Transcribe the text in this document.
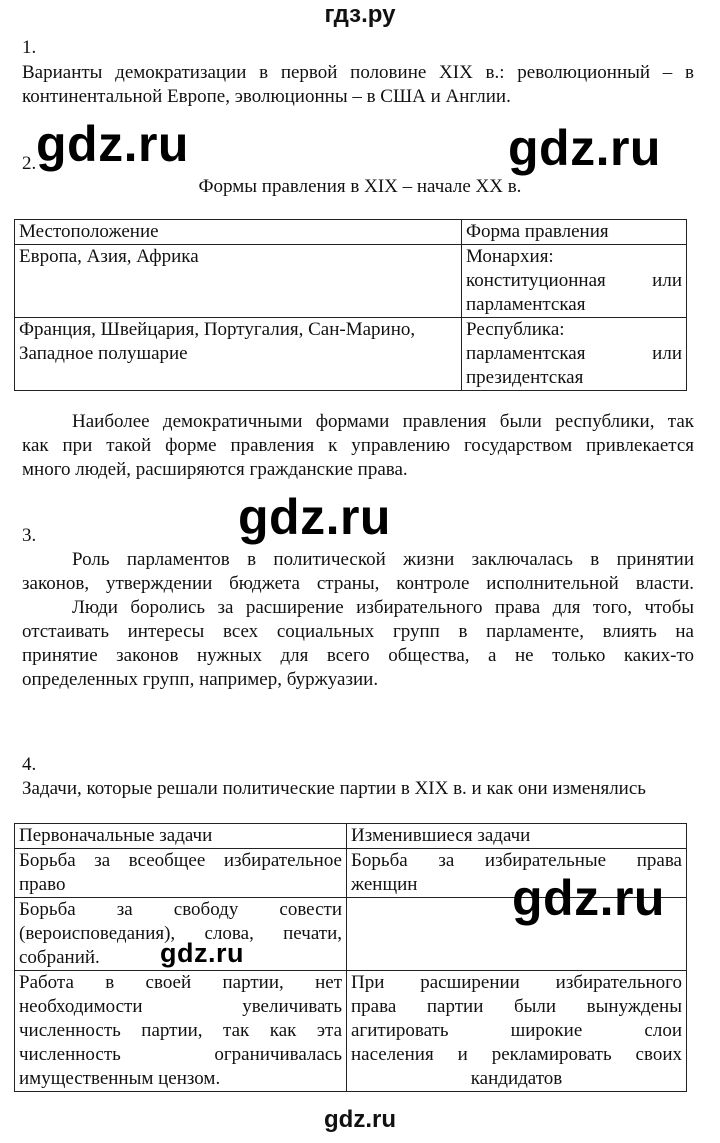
гдз.ру
1.
Варианты демократизации в первой половине XIX в.: революционный – в
континентальной Европе, эволюционны – в США и Англии.
gdz.ru	gdz.ru
2.
Формы правления в XIX – начале XX в.
Местоположение	Форма правления
Европа, Азия, Африка	Монархия:
конституционная или
парламентская

Франция, Швейцария, Португалия, Сан-Марино,
Западное полушарие	Республика:
парламентская или
президентская
Наиболее демократичными формами правления были республики, так
как при такой форме правления к управлению государством привлекается
много людей, расширяются гражданские права.
gdz.ru
3.
Роль парламентов в политической жизни заключалась в принятии
законов, утверждении бюджета страны, контроле исполнительной власти.
Люди боролись за расширение избирательного права для того, чтобы
отстаивать интересы всех социальных групп в парламенте, влиять на
принятие законов нужных для всего общества, а не только каких-то
определенных групп, например, буржуазии.
4.
Задачи, которые решали политические партии в XIX в. и как они изменялись
Первоначальные задачи	Изменившиеся задачи

Борьба за всеобщее избирательное
право	Борьба за избирательные права
женщин

Борьба за свободу совести
(вероисповедания), слова, печати,
собраний.	

Работа в своей партии, нет
необходимости увеличивать
численность партии, так как эта
численность ограничивалась
имущественным цензом.	При расширении избирательного
права партии были вынуждены
агитировать широкие слои
населения и рекламировать своих
кандидатов
gdz.ru
gdz.ru
gdz.ru
